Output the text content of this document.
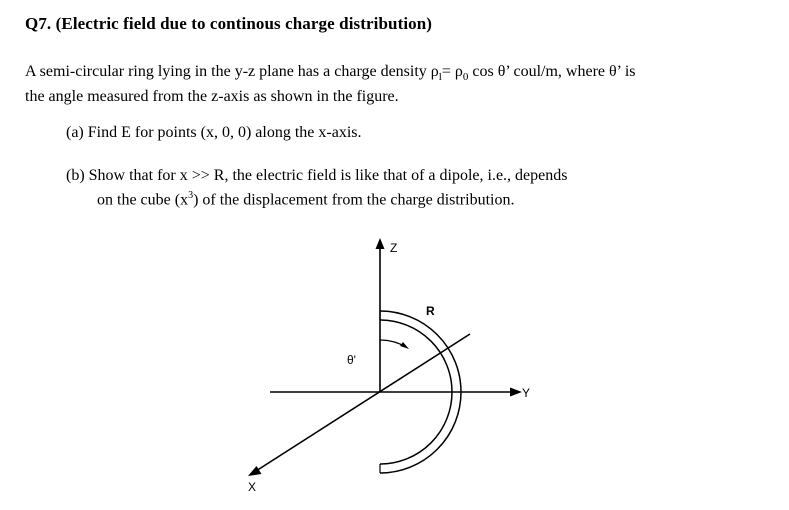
Q7. (Electric field due to continous charge distribution)
A semi-circular ring lying in the y-z plane has a charge density $\rho_l= \rho_0$ cos θ’ coul/m, where θ’ is
the angle measured from the z-axis as shown in the figure.
(a) Find E for points (x, 0, 0) along the x-axis.
(b) Show that for x >> R, the electric field is like that of a dipole, i.e., depends
on the cube $(x^3)$ of the displacement from the charge distribution.
R
θ'
Z
Y
X
